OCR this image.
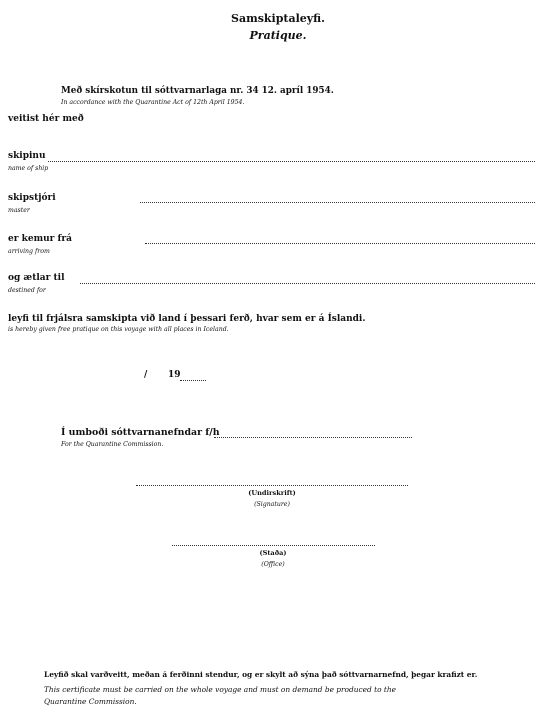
Samskiptaleyfi.
Pratique.
Með skírskotun til sóttvarnarlaga nr. 34 12. apríl 1954.
In accordance with the Quarantine Act of 12th April 1954.
veitist hér með
skipinu
name of ship
skipstjóri
master
er kemur frá
arriving from
og ætlar til
destined for
leyfi til frjálsra samskipta við land í þessari ferð, hvar sem er á Íslandi.
is hereby given free pratique on this voyage with all places in Iceland.
/ 19
Í umboði sóttvarnanefndar f/h
For the Quarantine Commission.
(Undirskrift)
(Signature)
(Staða)
(Office)
Leyfið skal varðveitt, meðan á ferðinni stendur, og er skylt að sýna það sóttvarnarnefnd, þegar krafizt er.
This certificate must be carried on the whole voyage and must on demand be produced to the
Quarantine Commission.
